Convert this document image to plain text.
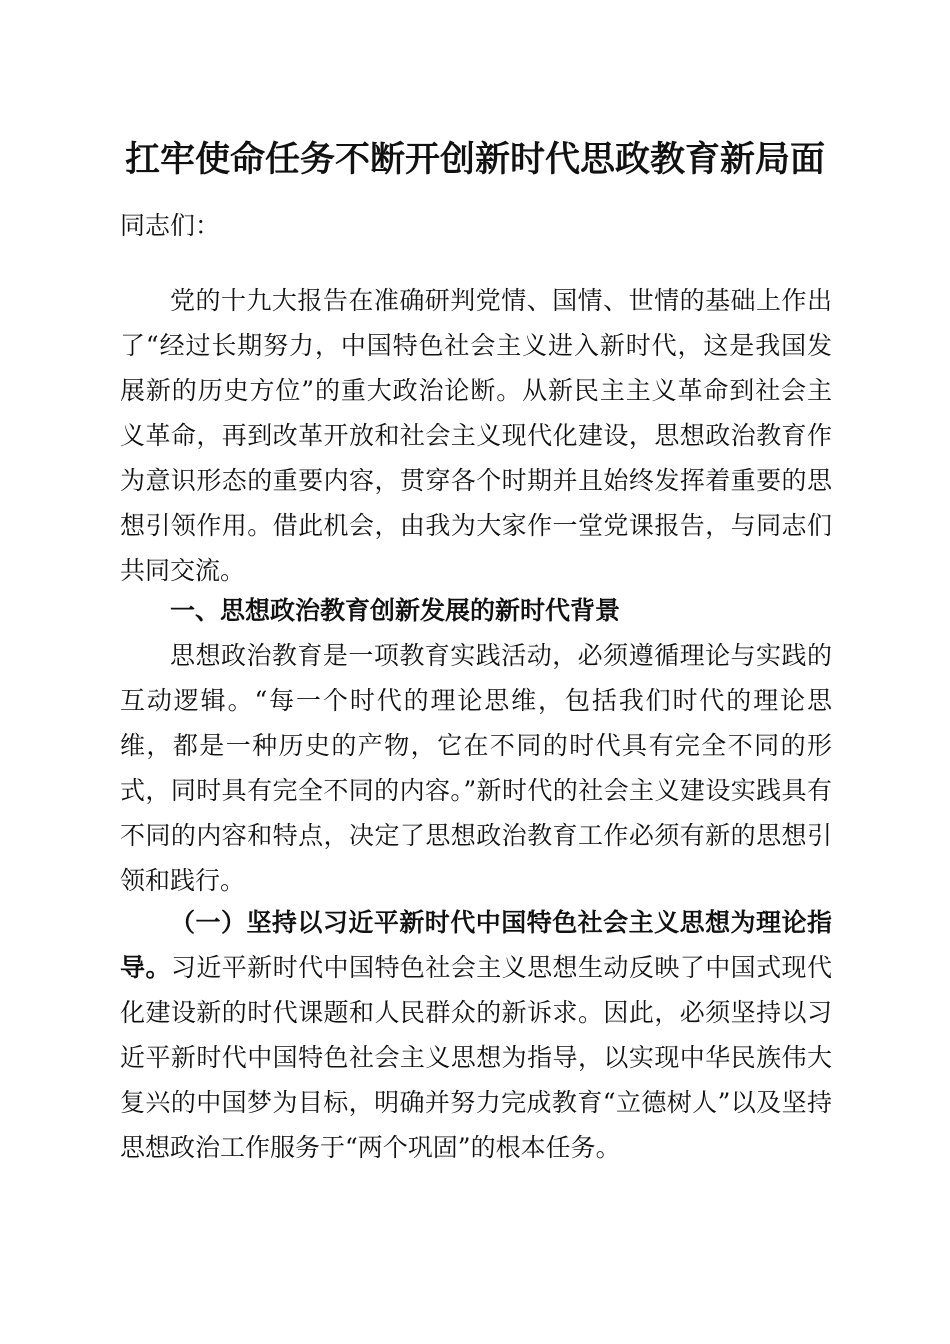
扛牢使命任务不断开创新时代思政教育新局面

同志们：

党的十九大报告在准确研判党情、国情、世情的基础上作出了“经过长期努力，中国特色社会主义进入新时代，这是我国发展新的历史方位”的重大政治论断。从新民主主义革命到社会主义革命，再到改革开放和社会主义现代化建设，思想政治教育作为意识形态的重要内容，贯穿各个时期并且始终发挥着重要的思想引领作用。借此机会，由我为大家作一堂党课报告，与同志们共同交流。

一、思想政治教育创新发展的新时代背景

思想政治教育是一项教育实践活动，必须遵循理论与实践的互动逻辑。“每一个时代的理论思维，包括我们时代的理论思维，都是一种历史的产物，它在不同的时代具有完全不同的形式，同时具有完全不同的内容。”新时代的社会主义建设实践具有不同的内容和特点，决定了思想政治教育工作必须有新的思想引领和践行。

（一）坚持以习近平新时代中国特色社会主义思想为理论指导。习近平新时代中国特色社会主义思想生动反映了中国式现代化建设新的时代课题和人民群众的新诉求。因此，必须坚持以习近平新时代中国特色社会主义思想为指导，以实现中华民族伟大复兴的中国梦为目标，明确并努力完成教育“立德树人”以及坚持思想政治工作服务于“两个巩固”的根本任务。
